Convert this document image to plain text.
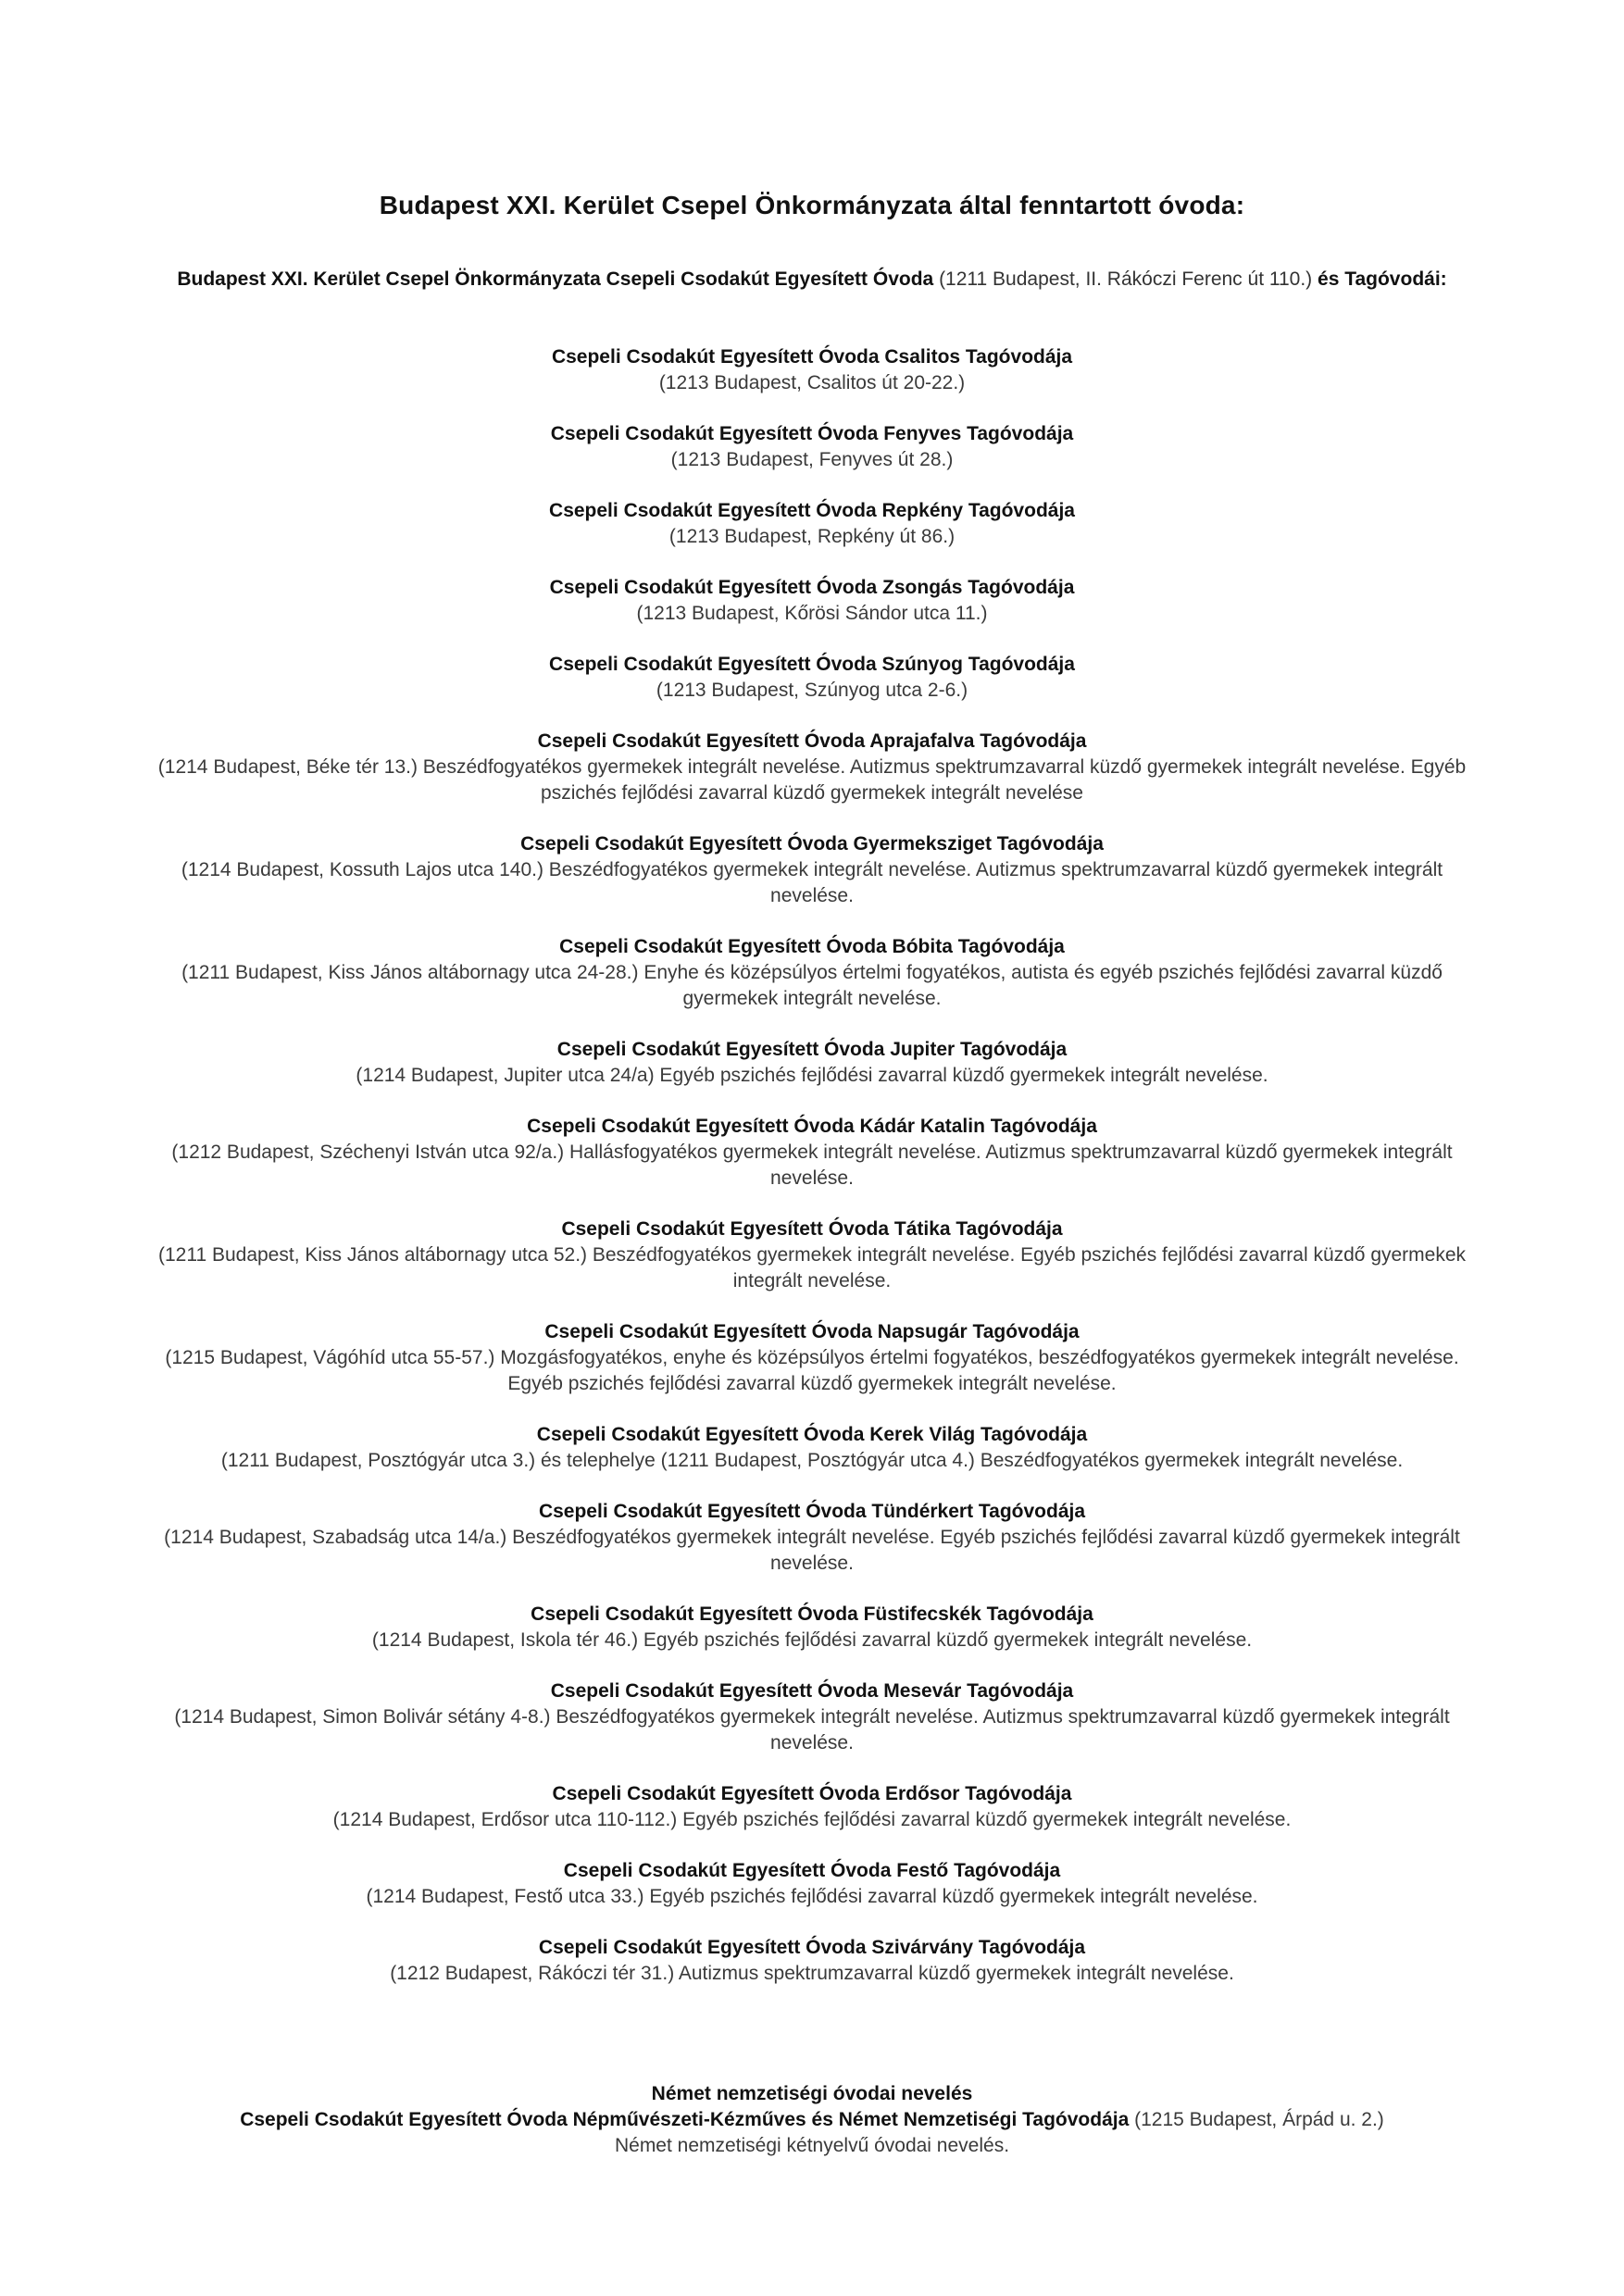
Budapest XXI. Kerület Csepel Önkormányzata által fenntartott óvoda:
Budapest XXI. Kerület Csepel Önkormányzata Csepeli Csodakút Egyesített Óvoda (1211 Budapest, II. Rákóczi Ferenc út 110.) és Tagóvodái:
Csepeli Csodakút Egyesített Óvoda Csalitos Tagóvodája
(1213 Budapest, Csalitos út 20-22.)
Csepeli Csodakút Egyesített Óvoda Fenyves Tagóvodája
(1213 Budapest, Fenyves út 28.)
Csepeli Csodakút Egyesített Óvoda Repkény Tagóvodája
(1213 Budapest, Repkény út 86.)
Csepeli Csodakút Egyesített Óvoda Zsongás Tagóvodája
(1213 Budapest, Kőrösi Sándor utca 11.)
Csepeli Csodakút Egyesített Óvoda Szúnyog Tagóvodája
(1213 Budapest, Szúnyog utca 2-6.)
Csepeli Csodakút Egyesített Óvoda Aprajafalva Tagóvodája
(1214 Budapest, Béke tér 13.) Beszédfogyatékos gyermekek integrált nevelése. Autizmus spektrumzavarral küzdő gyermekek integrált nevelése. Egyéb pszichés fejlődési zavarral küzdő gyermekek integrált nevelése
Csepeli Csodakút Egyesített Óvoda Gyermeksziget Tagóvodája
(1214 Budapest, Kossuth Lajos utca 140.) Beszédfogyatékos gyermekek integrált nevelése. Autizmus spektrumzavarral küzdő gyermekek integrált nevelése.
Csepeli Csodakút Egyesített Óvoda Bóbita Tagóvodája
(1211 Budapest, Kiss János altábornagy utca 24-28.) Enyhe és középsúlyos értelmi fogyatékos, autista és egyéb pszichés fejlődési zavarral küzdő gyermekek integrált nevelése.
Csepeli Csodakút Egyesített Óvoda Jupiter Tagóvodája
(1214 Budapest, Jupiter utca 24/a) Egyéb pszichés fejlődési zavarral küzdő gyermekek integrált nevelése.
Csepeli Csodakút Egyesített Óvoda Kádár Katalin Tagóvodája
(1212 Budapest, Széchenyi István utca 92/a.) Hallásfogyatékos gyermekek integrált nevelése. Autizmus spektrumzavarral küzdő gyermekek integrált nevelése.
Csepeli Csodakút Egyesített Óvoda Tátika Tagóvodája
(1211 Budapest, Kiss János altábornagy utca 52.) Beszédfogyatékos gyermekek integrált nevelése. Egyéb pszichés fejlődési zavarral küzdő gyermekek integrált nevelése.
Csepeli Csodakút Egyesített Óvoda Napsugár Tagóvodája
(1215 Budapest, Vágóhíd utca 55-57.) Mozgásfogyatékos, enyhe és középsúlyos értelmi fogyatékos, beszédfogyatékos gyermekek integrált nevelése. Egyéb pszichés fejlődési zavarral küzdő gyermekek integrált nevelése.
Csepeli Csodakút Egyesített Óvoda Kerek Világ Tagóvodája
(1211 Budapest, Posztógyár utca 3.) és telephelye (1211 Budapest, Posztógyár utca 4.) Beszédfogyatékos gyermekek integrált nevelése.
Csepeli Csodakút Egyesített Óvoda Tündérkert Tagóvodája
(1214 Budapest, Szabadság utca 14/a.) Beszédfogyatékos gyermekek integrált nevelése. Egyéb pszichés fejlődési zavarral küzdő gyermekek integrált nevelése.
Csepeli Csodakút Egyesített Óvoda Füstifecskék Tagóvodája
(1214 Budapest, Iskola tér 46.) Egyéb pszichés fejlődési zavarral küzdő gyermekek integrált nevelése.
Csepeli Csodakút Egyesített Óvoda Mesevár Tagóvodája
(1214 Budapest, Simon Bolivár sétány 4-8.) Beszédfogyatékos gyermekek integrált nevelése. Autizmus spektrumzavarral küzdő gyermekek integrált nevelése.
Csepeli Csodakút Egyesített Óvoda Erdősor Tagóvodája
(1214 Budapest, Erdősor utca 110-112.) Egyéb pszichés fejlődési zavarral küzdő gyermekek integrált nevelése.
Csepeli Csodakút Egyesített Óvoda Festő Tagóvodája
(1214 Budapest, Festő utca 33.) Egyéb pszichés fejlődési zavarral küzdő gyermekek integrált nevelése.
Csepeli Csodakút Egyesített Óvoda Szivárvány Tagóvodája
(1212 Budapest, Rákóczi tér 31.) Autizmus spektrumzavarral küzdő gyermekek integrált nevelése.
Német nemzetiségi óvodai nevelés
Csepeli Csodakút Egyesített Óvoda Népművészeti-Kézműves és Német Nemzetiségi Tagóvodája (1215 Budapest, Árpád u. 2.)
Német nemzetiségi kétnyelvű óvodai nevelés.
